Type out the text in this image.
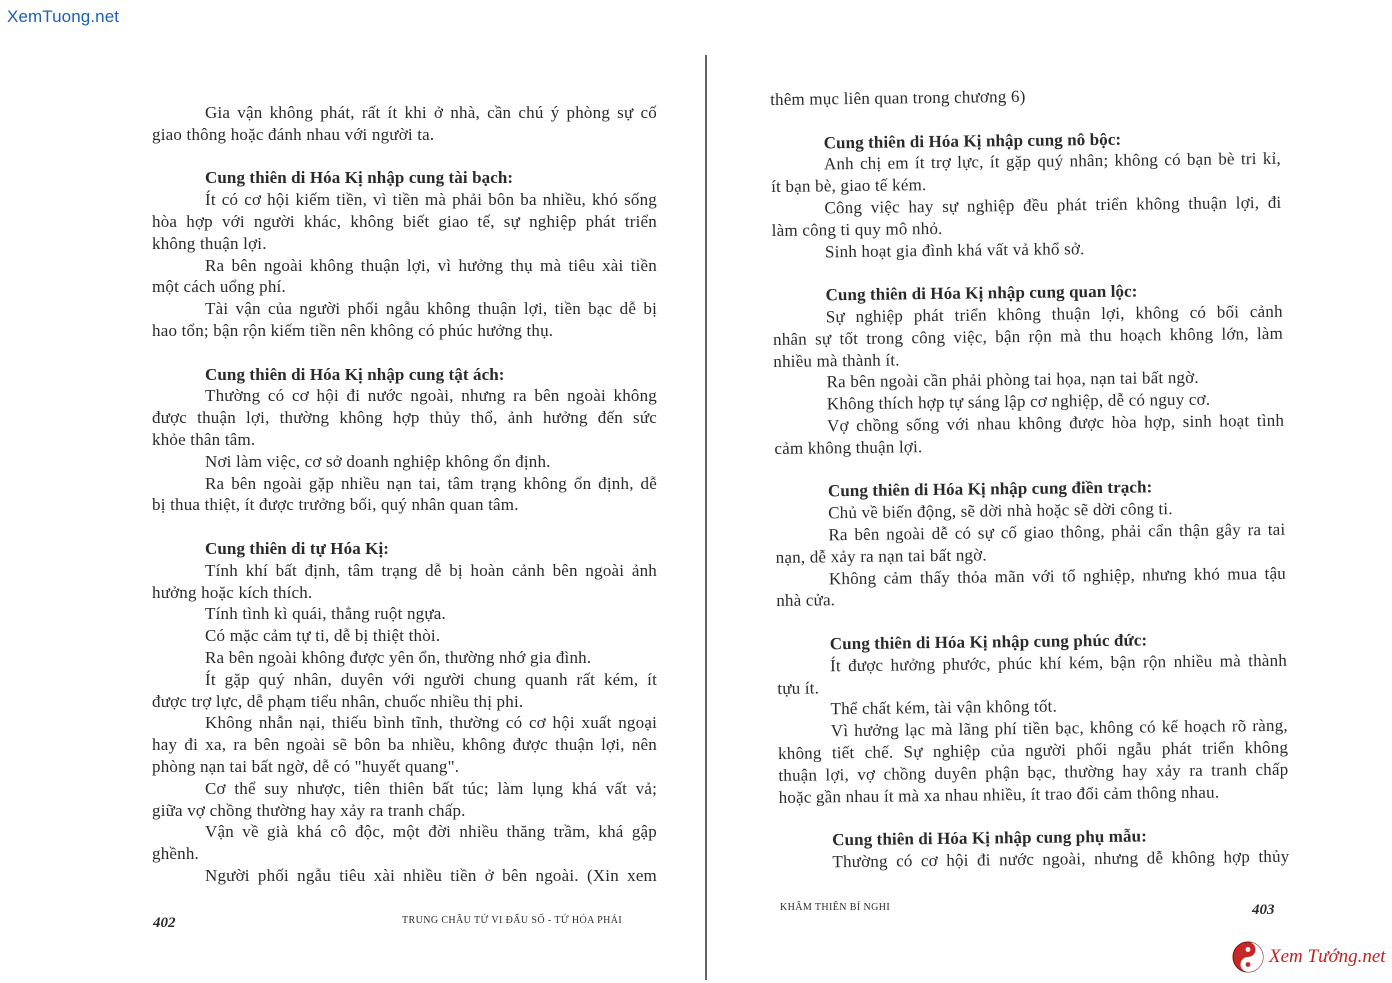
XemTuong.net
Gia vận không phát, rất ít khi ở nhà, cần chú ý phòng sự cố
giao thông hoặc đánh nhau với người ta.
Cung thiên di Hóa Kị nhập cung tài bạch:
Ít có cơ hội kiếm tiền, vì tiền mà phải bôn ba nhiều, khó sống
hòa hợp với người khác, không biết giao tế, sự nghiệp phát triển
không thuận lợi.
Ra bên ngoài không thuận lợi, vì hưởng thụ mà tiêu xài tiền
một cách uổng phí.
Tài vận của người phối ngẫu không thuận lợi, tiền bạc dễ bị
hao tổn; bận rộn kiếm tiền nên không có phúc hưởng thụ.
Cung thiên di Hóa Kị nhập cung tật ách:
Thường có cơ hội đi nước ngoài, nhưng ra bên ngoài không
được thuận lợi, thường không hợp thủy thổ, ảnh hưởng đến sức
khỏe thân tâm.
Nơi làm việc, cơ sở doanh nghiệp không ổn định.
Ra bên ngoài gặp nhiều nạn tai, tâm trạng không ổn định, dễ
bị thua thiệt, ít được trưởng bối, quý nhân quan tâm.
Cung thiên di tự Hóa Kị:
Tính khí bất định, tâm trạng dễ bị hoàn cảnh bên ngoài ảnh
hưởng hoặc kích thích.
Tính tình kì quái, thẳng ruột ngựa.
Có mặc cảm tự ti, dễ bị thiệt thòi.
Ra bên ngoài không được yên ổn, thường nhớ gia đình.
Ít gặp quý nhân, duyên với người chung quanh rất kém, ít
được trợ lực, dễ phạm tiểu nhân, chuốc nhiều thị phi.
Không nhẫn nại, thiếu bình tĩnh, thường có cơ hội xuất ngoại
hay đi xa, ra bên ngoài sẽ bôn ba nhiều, không được thuận lợi, nên
phòng nạn tai bất ngờ, dễ có "huyết quang".
Cơ thể suy nhược, tiên thiên bất túc; làm lụng khá vất vả;
giữa vợ chồng thường hay xảy ra tranh chấp.
Vận về già khá cô độc, một đời nhiều thăng trầm, khá gập
ghềnh.
Người phối ngẫu tiêu xài nhiều tiền ở bên ngoài. (Xin xem
thêm mục liên quan trong chương 6)
Cung thiên di Hóa Kị nhập cung nô bộc:
Anh chị em ít trợ lực, ít gặp quý nhân; không có bạn bè tri kỉ,
ít bạn bè, giao tế kém.
Công việc hay sự nghiệp đều phát triển không thuận lợi, đi
làm công ti quy mô nhỏ.
Sinh hoạt gia đình khá vất vả khổ sở.
Cung thiên di Hóa Kị nhập cung quan lộc:
Sự nghiệp phát triển không thuận lợi, không có bối cảnh
nhân sự tốt trong công việc, bận rộn mà thu hoạch không lớn, làm
nhiều mà thành ít.
Ra bên ngoài cần phải phòng tai họa, nạn tai bất ngờ.
Không thích hợp tự sáng lập cơ nghiệp, dễ có nguy cơ.
Vợ chồng sống với nhau không được hòa hợp, sinh hoạt tình
cảm không thuận lợi.
Cung thiên di Hóa Kị nhập cung điền trạch:
Chủ về biến động, sẽ dời nhà hoặc sẽ dời công ti.
Ra bên ngoài dễ có sự cố giao thông, phải cẩn thận gây ra tai
nạn, dễ xảy ra nạn tai bất ngờ.
Không cảm thấy thỏa mãn với tổ nghiệp, nhưng khó mua tậu
nhà cửa.
Cung thiên di Hóa Kị nhập cung phúc đức:
Ít được hưởng phước, phúc khí kém, bận rộn nhiều mà thành
tựu ít.
Thể chất kém, tài vận không tốt.
Vì hưởng lạc mà lãng phí tiền bạc, không có kế hoạch rõ ràng,
không tiết chế. Sự nghiệp của người phối ngẫu phát triển không
thuận lợi, vợ chồng duyên phận bạc, thường hay xảy ra tranh chấp
hoặc gần nhau ít mà xa nhau nhiều, ít trao đổi cảm thông nhau.
Cung thiên di Hóa Kị nhập cung phụ mẫu:
Thường có cơ hội đi nước ngoài, nhưng dễ không hợp thủy
402	TRUNG CHÂU TỨ VI ĐẨU SỐ - TỨ HÓA PHÁI
KHÂM THIÊN BÍ NGHI	403
Xem Tướng.net
